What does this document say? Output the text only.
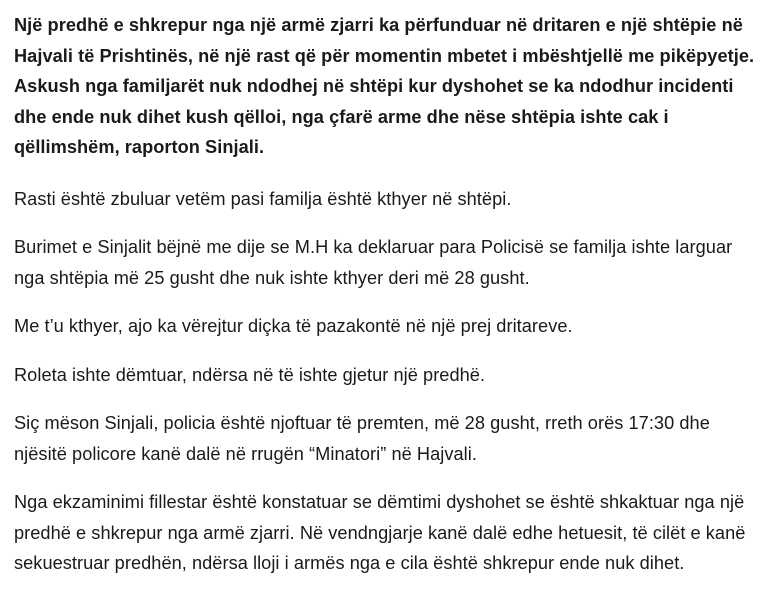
Një predhë e shkrepur nga një armë zjarri ka përfunduar në dritaren e një shtëpie në Hajvali të Prishtinës, në një rast që për momentin mbetet i mbështjellë me pikëpyetje. Askush nga familjarët nuk ndodhej në shtëpi kur dyshohet se ka ndodhur incidenti dhe ende nuk dihet kush qëlloi, nga çfarë arme dhe nëse shtëpia ishte cak i qëllimshëm, raporton Sinjali.

Rasti është zbuluar vetëm pasi familja është kthyer në shtëpi.

Burimet e Sinjalit bëjnë me dije se M.H ka deklaruar para Policisë se familja ishte larguar nga shtëpia më 25 gusht dhe nuk ishte kthyer deri më 28 gusht.

Me t’u kthyer, ajo ka vërejtur diçka të pazakontë në një prej dritareve.

Roleta ishte dëmtuar, ndërsa në të ishte gjetur një predhë.

Siç mëson Sinjali, policia është njoftuar të premten, më 28 gusht, rreth orës 17:30 dhe njësitë policore kanë dalë në rrugën “Minatori” në Hajvali.

Nga ekzaminimi fillestar është konstatuar se dëmtimi dyshohet se është shkaktuar nga një predhë e shkrepur nga armë zjarri. Në vendngjarje kanë dalë edhe hetuesit, të cilët e kanë sekuestruar predhën, ndërsa lloji i armës nga e cila është shkrepur ende nuk dihet.
